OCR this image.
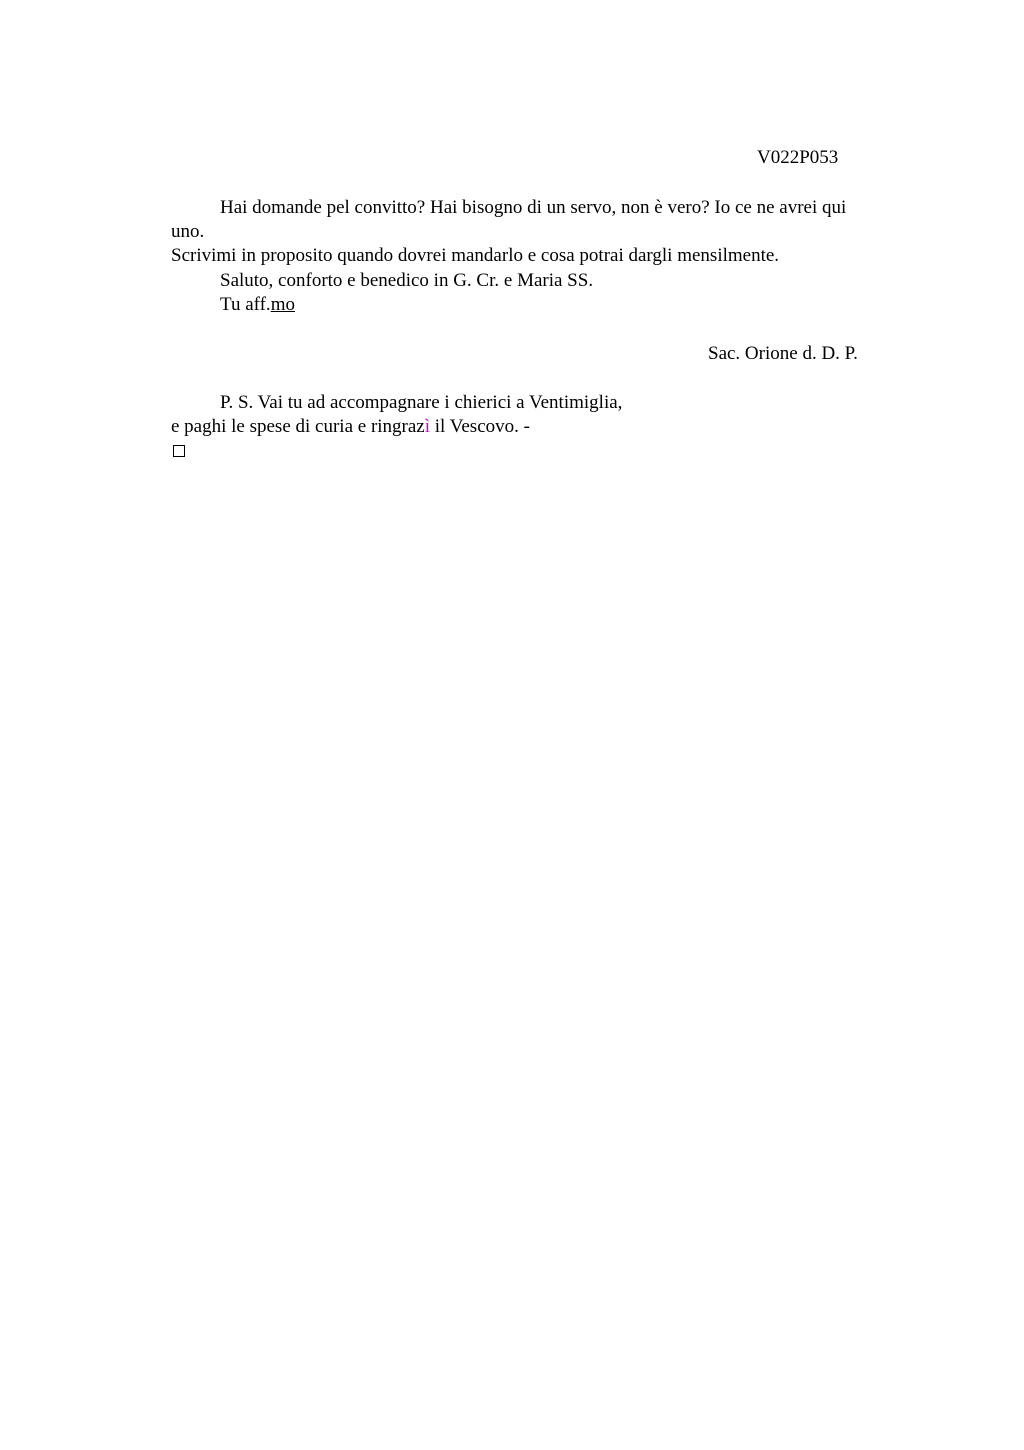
V022P053
Hai domande pel convitto? Hai bisogno di un servo, non è vero? Io ce ne avrei qui
uno.
Scrivimi in proposito quando dovrei mandarlo e cosa potrai dargli mensilmente.
Saluto, conforto e benedico in G. Cr. e Maria SS.
Tu aff.mo
Sac. Orione d. D. P.
P. S. Vai tu ad accompagnare i chierici a Ventimiglia,
e paghi le spese di curia e ringrazì il Vescovo. -
